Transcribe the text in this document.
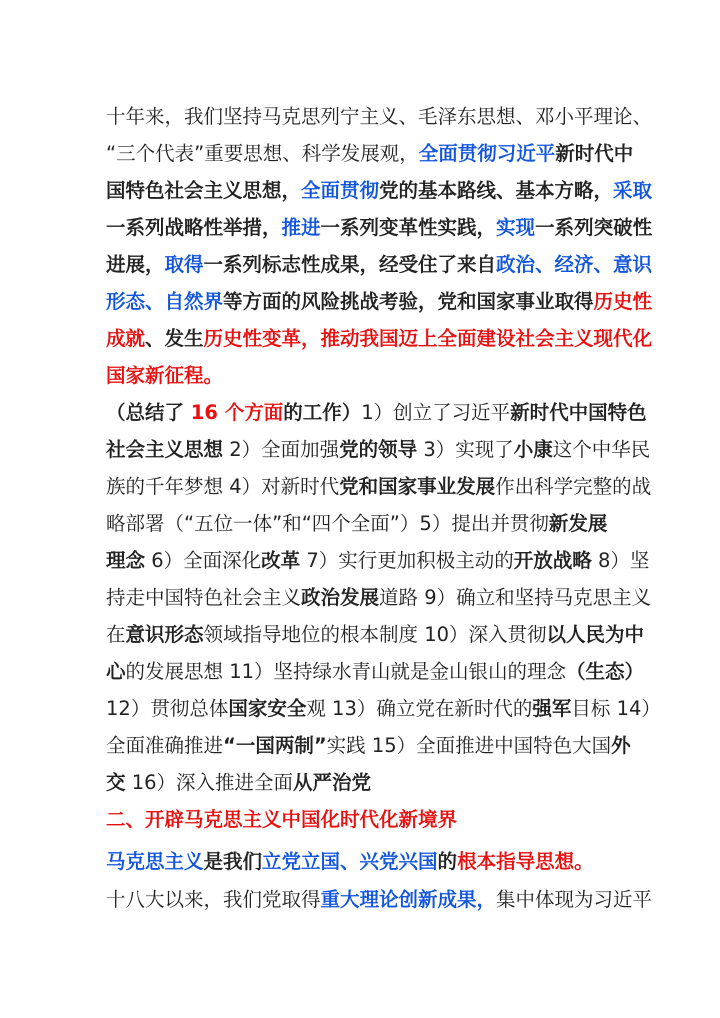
十年来，我们坚持马克思列宁主义、毛泽东思想、邓小平理论、
“三个代表”重要思想、科学发展观，全面贯彻习近平新时代中
国特色社会主义思想，全面贯彻党的基本路线、基本方略，采取
一系列战略性举措，推进一系列变革性实践，实现一系列突破性
进展，取得一系列标志性成果，经受住了来自政治、经济、意识
形态、自然界等方面的风险挑战考验，党和国家事业取得历史性
成就、发生历史性变革，推动我国迈上全面建设社会主义现代化
国家新征程。
（总结了 16 个方面的工作）1）创立了习近平新时代中国特色
社会主义思想 2）全面加强党的领导 3）实现了小康这个中华民
族的千年梦想 4）对新时代党和国家事业发展作出科学完整的战
略部署（“五位一体”和“四个全面”）5）提出并贯彻新发展
理念 6）全面深化改革 7）实行更加积极主动的开放战略 8）坚
持走中国特色社会主义政治发展道路 9）确立和坚持马克思主义
在意识形态领域指导地位的根本制度 10）深入贯彻以人民为中
心的发展思想 11）坚持绿水青山就是金山银山的理念（生态）
12）贯彻总体国家安全观 13）确立党在新时代的强军目标 14）
全面准确推进“一国两制”实践 15）全面推进中国特色大国外
交 16）深入推进全面从严治党
二、开辟马克思主义中国化时代化新境界
马克思主义是我们立党立国、兴党兴国的根本指导思想。
十八大以来，我们党取得重大理论创新成果，集中体现为习近平
